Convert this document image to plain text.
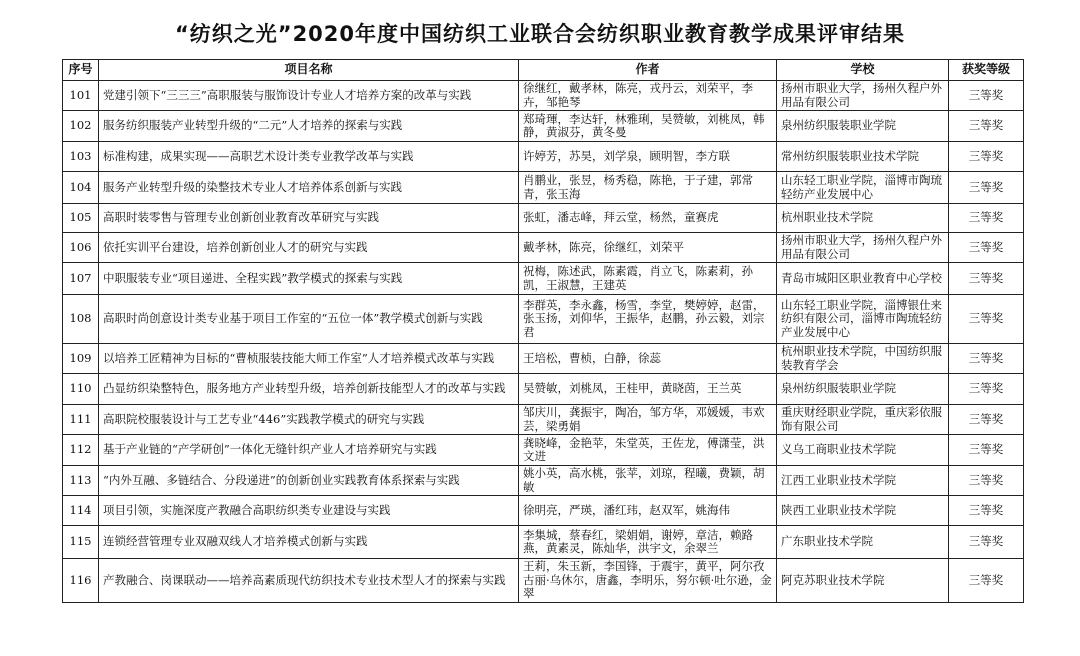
“纺织之光”2020年度中国纺织工业联合会纺织职业教育教学成果评审结果
序号	项目名称	作者	学校	获奖等级
101	党建引领下“三三三”高职服装与服饰设计专业人才培养方案的改革与实践	徐继红，戴孝林，陈亮，戎丹云，刘荣平，李卉，邹艳琴	扬州市职业大学，扬州久程户外用品有限公司	三等奖
102	服务纺织服装产业转型升级的“二元”人才培养的探索与实践	郑琦琿，李达轩，林雅琍，吴赞敏，刘桃凤，韩静，黄淑芬，黄冬曼	泉州纺织服装职业学院	三等奖
103	标准构建，成果实现——高职艺术设计类专业教学改革与实践	许婷芳，苏昊，刘学泉，顾明智，李方联	常州纺织服装职业技术学院	三等奖
104	服务产业转型升级的染整技术专业人才培养体系创新与实践	肖鹏业，张昱，杨秀稳，陈艳，于子建，郭常青，张玉海	山东轻工职业学院，淄博市陶琉轻纺产业发展中心	三等奖
105	高职时装零售与管理专业创新创业教育改革研究与实践	张虹，潘志峰，拜云堂，杨然，童赛虎	杭州职业技术学院	三等奖
106	依托实训平台建设，培养创新创业人才的研究与实践	戴孝林，陈亮，徐继红，刘荣平	扬州市职业大学，扬州久程户外用品有限公司	三等奖
107	中职服装专业“项目递进、全程实践”教学模式的探索与实践	祝梅，陈述武，陈素霞，肖立飞，陈素莉，孙凯，王淑慧，王建英	青岛市城阳区职业教育中心学校	三等奖
108	高职时尚创意设计类专业基于项目工作室的“五位一体”教学模式创新与实践	李群英，李永鑫，杨雪，李堂，樊婷婷，赵雷，张玉扬，刘仰华，王振华，赵鹏，孙云毅，刘宗君	山东轻工职业学院，淄博银仕来纺织有限公司，淄博市陶琉轻纺产业发展中心	三等奖
109	以培养工匠精神为目标的“曹桢服装技能大师工作室”人才培养模式改革与实践	王培松，曹桢，白静，徐蕊	杭州职业技术学院，中国纺织服装教育学会	三等奖
110	凸显纺织染整特色，服务地方产业转型升级，培养创新技能型人才的改革与实践	吴赞敏，刘桃凤，王桂甲，黄晓茵，王兰英	泉州纺织服装职业学院	三等奖
111	高职院校服装设计与工艺专业“446”实践教学模式的研究与实践	邹庆川，龚振宇，陶冶，邹方华，邓媛媛，韦欢芸，梁勇娟	重庆财经职业学院，重庆彩依服饰有限公司	三等奖
112	基于产业链的“产学研创”一体化无缝针织产业人才培养研究与实践	龚晓峰，金艳苹，朱堂英，王佐龙，傅潇莹，洪文进	义乌工商职业技术学院	三等奖
113	“内外互融、多链结合、分段递进”的创新创业实践教育体系探索与实践	姚小英，高水桃，张苹，刘琼，程曦，费颖，胡敏	江西工业职业技术学院	三等奖
114	项目引领，实施深度产教融合高职纺织类专业建设与实践	徐明亮，严瑛，潘红玮，赵双军，姚海伟	陕西工业职业技术学院	三等奖
115	连锁经营管理专业双融双线人才培养模式创新与实践	李集城，蔡春红，梁娟娟，谢婷，章洁，赖路燕，黄素灵，陈灿华，洪宇文，余翠兰	广东职业技术学院	三等奖
116	产教融合、岗课联动——培养高素质现代纺织技术专业技术型人才的探索与实践	王莉，朱玉新，李国锋，于震宇，黄平，阿尔孜古丽·乌休尔，唐鑫，李明乐，努尔顿·吐尔逊，金翠	阿克苏职业技术学院	三等奖
